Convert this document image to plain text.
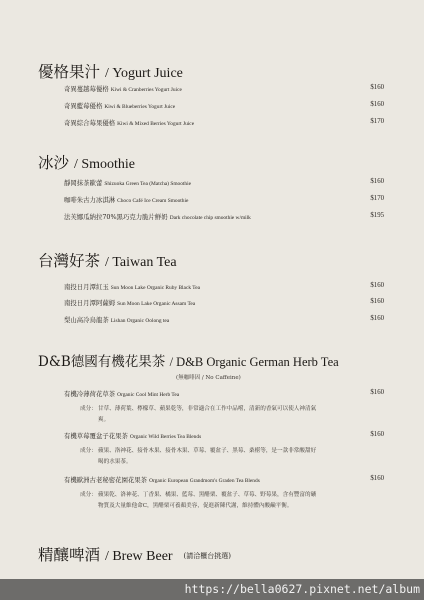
優格果汁 / Yogurt Juice
奇異蔓越莓優格 Kiwi & Cranberries Yogurt Juice	$160
奇異藍莓優格 Kiwi & Blueberries Yogurt Juice	$160
奇異綜合莓果優格 Kiwi & Mixed Berries Yogurt Juice	$170
冰沙 / Smoothie
靜岡抹茶歐蕾 Shizuoka Green Tea (Matcha) Smoothie	$160
咖啡朱古力冰淇淋 Choco Café Ice Cream Smoothie	$170
法芙娜瓜納拉70%黑巧克力脆片鮮奶 Dark chocolate chip smoothie w/milk	$195
台灣好茶 / Taiwan Tea
南投日月潭紅玉 Sun Moon Lake Organic Ruby Black Tea	$160
南投日月潭阿薩姆 Sun Moon Lake Organic Assam Tea	$160
梨山高冷烏龍茶 Lishan Organic Oolong tea	$160
D&B德國有機花果茶 / D&B Organic German Herb Tea
(無咖啡因 / No Caffeine)
有機冷薄荷花草茶 Organic Cool Mint Herb Tea	$160
成分： 甘草、薄荷葉、檸檬草、蘋果乾等，非常適合在工作中品嚐，清新的香氣可以使人神清氣爽。
有機草莓覆盆子花果茶 Organic Wild Berries Tea Blends	$160
成分： 蘋果、洛神花、接骨木果、接骨木果、草莓、覆盆子、黑莓、桑椹等，是一款非常酸甜好喝的水果茶。
有機歐洲古老秘密花園花果茶 Organic European Grandmom's Graden Tea Blends	$160
成分： 蘋果乾、洛神花、丁香果、橘果、藍莓、黑醋栗、覆盆子、草莓、野莓果，含有豐富的礦物質及大量維他命C，黑醋栗可養顏美容，促進新陳代謝，維持體內酸鹼平衡。
精釀啤酒 / Brew Beer (請洽櫃台挑選)
https://bella0627.pixnet.net/album
